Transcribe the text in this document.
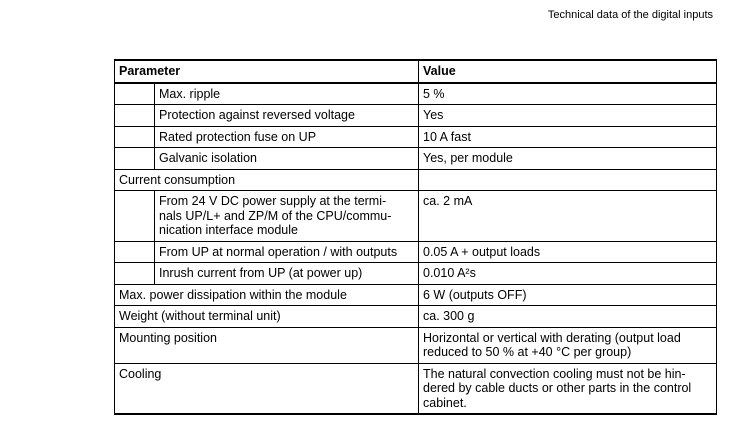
Technical data of the digital inputs
Parameter		Value
	Max. ripple	5 %
	Protection against reversed voltage	Yes
	Rated protection fuse on UP	10 A fast
	Galvanic isolation	Yes, per module
Current consumption		
	From 24 V DC power supply at the termi-
nals UP/L+ and ZP/M of the CPU/commu-
nication interface module	ca. 2 mA
	From UP at normal operation / with outputs	0.05 A + output loads
	Inrush current from UP (at power up)	0.010 A²s
Max. power dissipation within the module		6 W (outputs OFF)
Weight (without terminal unit)		ca. 300 g
Mounting position		Horizontal or vertical with derating (output load
reduced to 50 % at +40 °C per group)
Cooling		The natural convection cooling must not be hin-
dered by cable ducts or other parts in the control
cabinet.
